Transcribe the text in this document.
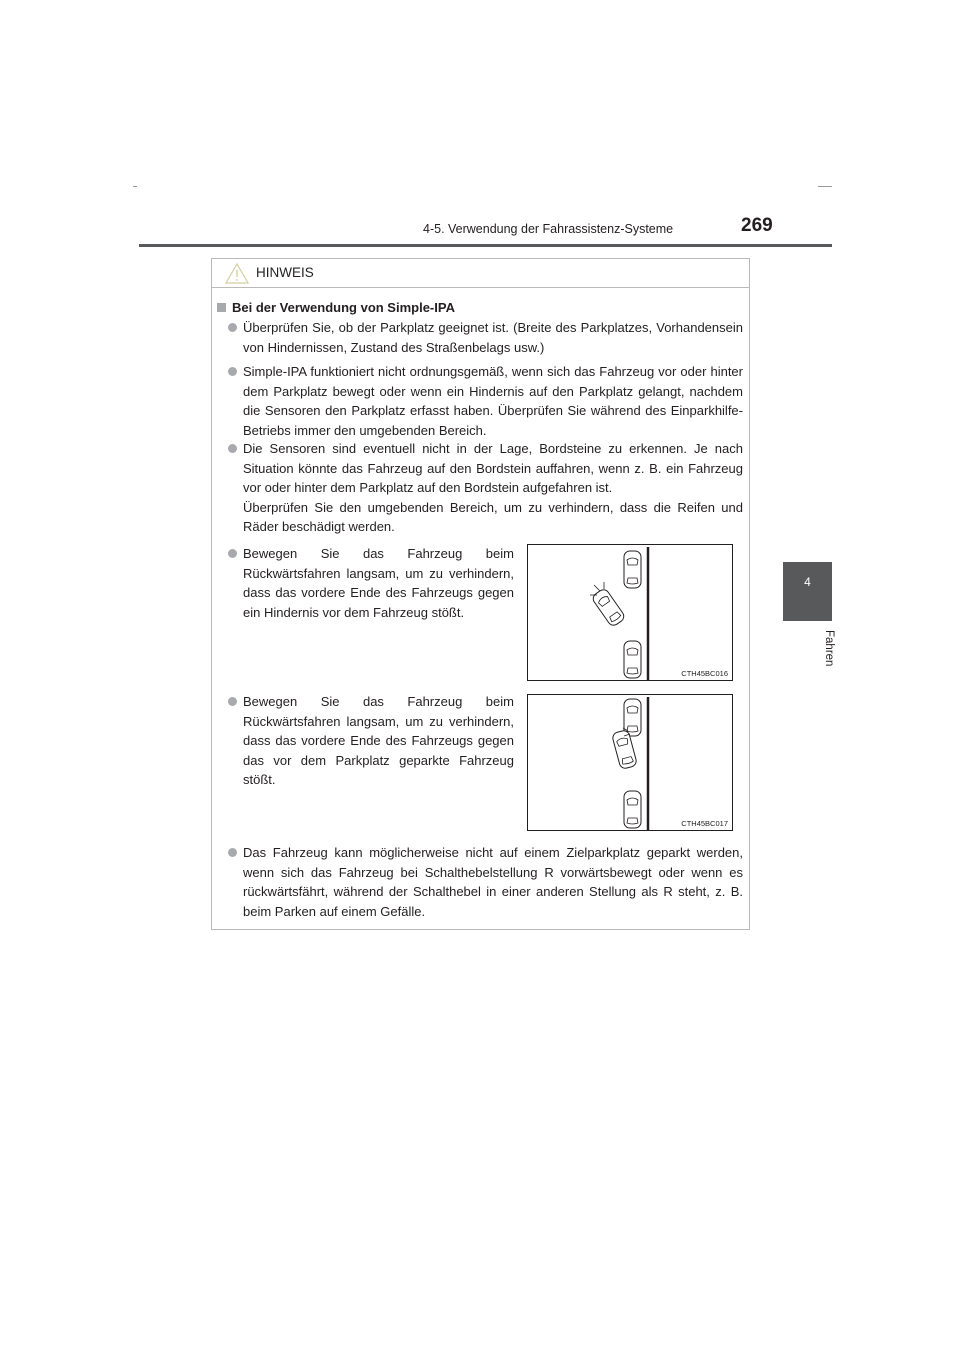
4-5. Verwendung der Fahrassistenz-Systeme	269
4
Fahren
HINWEIS
Bei der Verwendung von Simple-IPA

Überprüfen Sie, ob der Parkplatz geeignet ist. (Breite des Parkplatzes, Vorhandensein von Hindernissen, Zustand des Straßenbelags usw.)

Simple-IPA funktioniert nicht ordnungsgemäß, wenn sich das Fahrzeug vor oder hinter dem Parkplatz bewegt oder wenn ein Hindernis auf den Parkplatz gelangt, nachdem die Sensoren den Parkplatz erfasst haben. Überprüfen Sie während des Einparkhilfe-Betriebs immer den umgebenden Bereich.

Die Sensoren sind eventuell nicht in der Lage, Bordsteine zu erkennen. Je nach Situation könnte das Fahrzeug auf den Bordstein auffahren, wenn z. B. ein Fahrzeug vor oder hinter dem Parkplatz auf den Bordstein aufgefahren ist.

Überprüfen Sie den umgebenden Bereich, um zu verhindern, dass die Reifen und Räder beschädigt werden.

Bewegen Sie das Fahrzeug beim Rückwärtsfahren langsam, um zu verhindern, dass das vordere Ende des Fahrzeugs gegen ein Hindernis vor dem Fahrzeug stößt.

Bewegen Sie das Fahrzeug beim Rückwärtsfahren langsam, um zu verhindern, dass das vordere Ende des Fahrzeugs gegen das vor dem Parkplatz geparkte Fahrzeug stößt.

Das Fahrzeug kann möglicherweise nicht auf einem Zielparkplatz geparkt werden, wenn sich das Fahrzeug bei Schalthebelstellung R vorwärtsbewegt oder wenn es rückwärtsfährt, während der Schalthebel in einer anderen Stellung als R steht, z. B. beim Parken auf einem Gefälle.

CTH45BC016
CTH45BC017
